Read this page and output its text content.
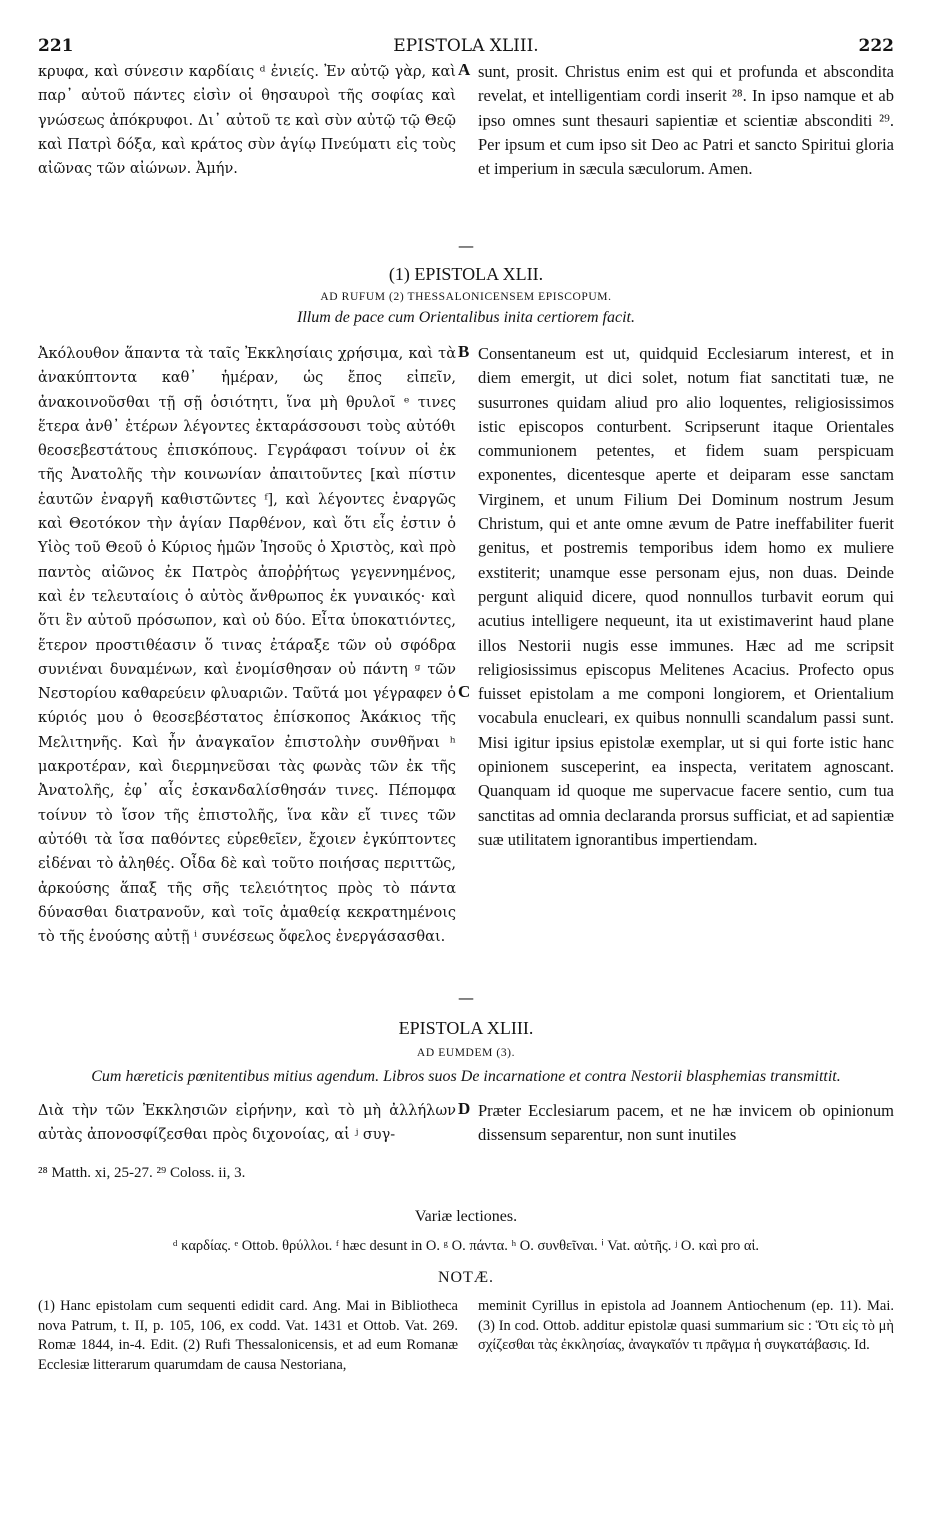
221	EPISTOLA XLIII.	222

κρυφα, καὶ σύνεσιν καρδίαις ᵈ ἐνιείς. Ἐν αὐτῷ γὰρ, καὶ παρ᾽ αὐτοῦ πάντες εἰσὶν οἱ θησαυροὶ τῆς σοφίας καὶ γνώσεως ἀπόκρυφοι. Δι᾽ αὐτοῦ τε καὶ σὺν αὐτῷ τῷ Θεῷ καὶ Πατρὶ δόξα, καὶ κράτος σὺν ἁγίῳ Πνεύματι εἰς τοὺς αἰῶνας τῶν αἰώνων. Ἀμήν.

A sunt, prosit. Christus enim est qui et profunda et abscondita revelat, et intelligentiam cordi inserit ²⁸. In ipso namque et ab ipso omnes sunt thesauri sapientiæ et scientiæ absconditi ²⁹. Per ipsum et cum ipso sit Deo ac Patri et sancto Spiritui gloria et imperium in sæcula sæculorum. Amen.

—
(1) EPISTOLA XLII.
AD RUFUM (2) THESSALONICENSEM EPISCOPUM.
Illum de pace cum Orientalibus inita certiorem facit.

Ἀκόλουθον ἅπαντα τὰ ταῖς Ἐκκλησίαις χρήσιμα, καὶ τὰ ἀνακύπτοντα καθ᾽ ἡμέραν, ὡς ἔπος εἰπεῖν, ἀνακοινοῦσθαι τῇ σῇ ὁσιότητι, ἵνα μὴ θρυλοῖ ᵉ τινες ἕτερα ἀνθ᾽ ἑτέρων λέγοντες ἐκταράσσουσι τοὺς αὐτόθι θεοσεβεστάτους ἐπισκόπους. Γεγράφασι τοίνυν οἱ ἐκ τῆς Ἀνατολῆς τὴν κοινωνίαν ἀπαιτοῦντες [καὶ πίστιν ἑαυτῶν ἐναργῆ καθιστῶντες ᶠ], καὶ λέγοντες ἐναργῶς καὶ Θεοτόκον τὴν ἁγίαν Παρθένον, καὶ ὅτι εἷς ἐστιν ὁ Υἱὸς τοῦ Θεοῦ ὁ Κύριος ἡμῶν Ἰησοῦς ὁ Χριστὸς, καὶ πρὸ παντὸς αἰῶνος ἐκ Πατρὸς ἀποῤῥήτως γεγεννημένος, καὶ ἐν τελευταίοις ὁ αὐτὸς ἄνθρωπος ἐκ γυναικός· καὶ ὅτι ἓν αὐτοῦ πρόσωπον, καὶ οὐ δύο. Εἶτα ὑποκατιόντες, ἕτερον προστιθέασιν ὅ τινας ἐτάραξε τῶν οὐ σφόδρα συνιέναι δυναμένων, καὶ ἐνομίσθησαν οὐ πάντη ᵍ τῶν Νεστορίου καθαρεύειν φλυαριῶν. Ταῦτά μοι γέγραφεν ὁ κύριός μου ὁ θεοσεβέστατος ἐπίσκοπος Ἀκάκιος τῆς Μελιτηνῆς. Καὶ ἦν ἀναγκαῖον ἐπιστολὴν συνθῆναι ʰ μακροτέραν, καὶ διερμηνεῦσαι τὰς φωνὰς τῶν ἐκ τῆς Ἀνατολῆς, ἐφ᾽ αἷς ἐσκανδαλίσθησάν τινες. Πέπομφα τοίνυν τὸ ἴσον τῆς ἐπιστολῆς, ἵνα κἂν εἴ τινες τῶν αὐτόθι τὰ ἴσα παθόντες εὑρεθεῖεν, ἔχοιεν ἐγκύπτοντες εἰδέναι τὸ ἀληθές. Οἶδα δὲ καὶ τοῦτο ποιήσας περιττῶς, ἀρκούσης ἅπαξ τῆς σῆς τελειότητος πρὸς τὸ πάντα δύνασθαι διατρανοῦν, καὶ τοῖς ἀμαθείᾳ κεκρατημένοις τὸ τῆς ἑνούσης αὐτῇ ⁱ συνέσεως ὄφελος ἐνεργάσασθαι.

B
C

Consentaneum est ut, quidquid Ecclesiarum interest, et in diem emergit, ut dici solet, notum fiat sanctitati tuæ, ne susurrones quidam aliud pro alio loquentes, religiosissimos istic episcopos conturbent. Scripserunt itaque Orientales communionem petentes, et fidem suam perspicuam exponentes, dicentesque aperte et deiparam esse sanctam Virginem, et unum Filium Dei Dominum nostrum Jesum Christum, qui et ante omne ævum de Patre ineffabiliter fuerit genitus, et postremis temporibus idem homo ex muliere exstiterit; unamque esse personam ejus, non duas. Deinde pergunt aliquid dicere, quod nonnullos turbavit eorum qui acutius intelligere nequeunt, ita ut existimaverint haud plane illos Nestorii nugis esse immunes. Hæc ad me scripsit religiosissimus episcopus Melitenes Acacius. Profecto opus fuisset epistolam a me componi longiorem, et Orientalium vocabula enucleari, ex quibus nonnulli scandalum passi sunt. Misi igitur ipsius epistolæ exemplar, ut si qui forte istic hanc opinionem susceperint, ea inspecta, veritatem agnoscant. Quanquam id quoque me supervacue facere sentio, cum tua sanctitas ad omnia declaranda prorsus sufficiat, et ad sapientiæ suæ utilitatem ignorantibus impertiendam.

—
EPISTOLA XLIII.
AD EUMDEM (3).
Cum hæreticis pœnitentibus mitius agendum. Libros suos De incarnatione et contra Nestorii blasphemias transmittit.

Διὰ τὴν τῶν Ἐκκλησιῶν εἰρήνην, καὶ τὸ μὴ ἀλλήλων αὐτὰς ἀπονοσφίζεσθαι πρὸς διχονοίας, αἱ ʲ συγ-

D Præter Ecclesiarum pacem, et ne hæ invicem ob opinionum dissensum separentur, non sunt inutiles

²⁸ Matth. xi, 25-27. ²⁹ Coloss. ii, 3.
Variæ lectiones.
ᵈ καρδίας. ᵉ Ottob. θρύλλοι. ᶠ hæc desunt in O. ᵍ O. πάντα. ʰ O. συνθεῖναι. ⁱ Vat. αὐτῆς. ʲ O. καὶ pro αἱ.
NOTÆ.

(1) Hanc epistolam cum sequenti edidit card. Ang. Mai in Bibliotheca nova Patrum, t. II, p. 105, 106, ex codd. Vat. 1431 et Ottob. Vat. 269. Romæ 1844, in-4. Edit. (2) Rufi Thessalonicensis, et ad eum Romanæ Ecclesiæ litterarum quarumdam de causa Nestoriana,

meminit Cyrillus in epistola ad Joannem Antiochenum (ep. 11). Mai. (3) In cod. Ottob. additur epistolæ quasi summarium sic : Ὅτι εἰς τὸ μὴ σχίζεσθαι τὰς ἐκκλησίας, ἀναγκαῖόν τι πρᾶγμα ἡ συγκατάβασις. Id.
